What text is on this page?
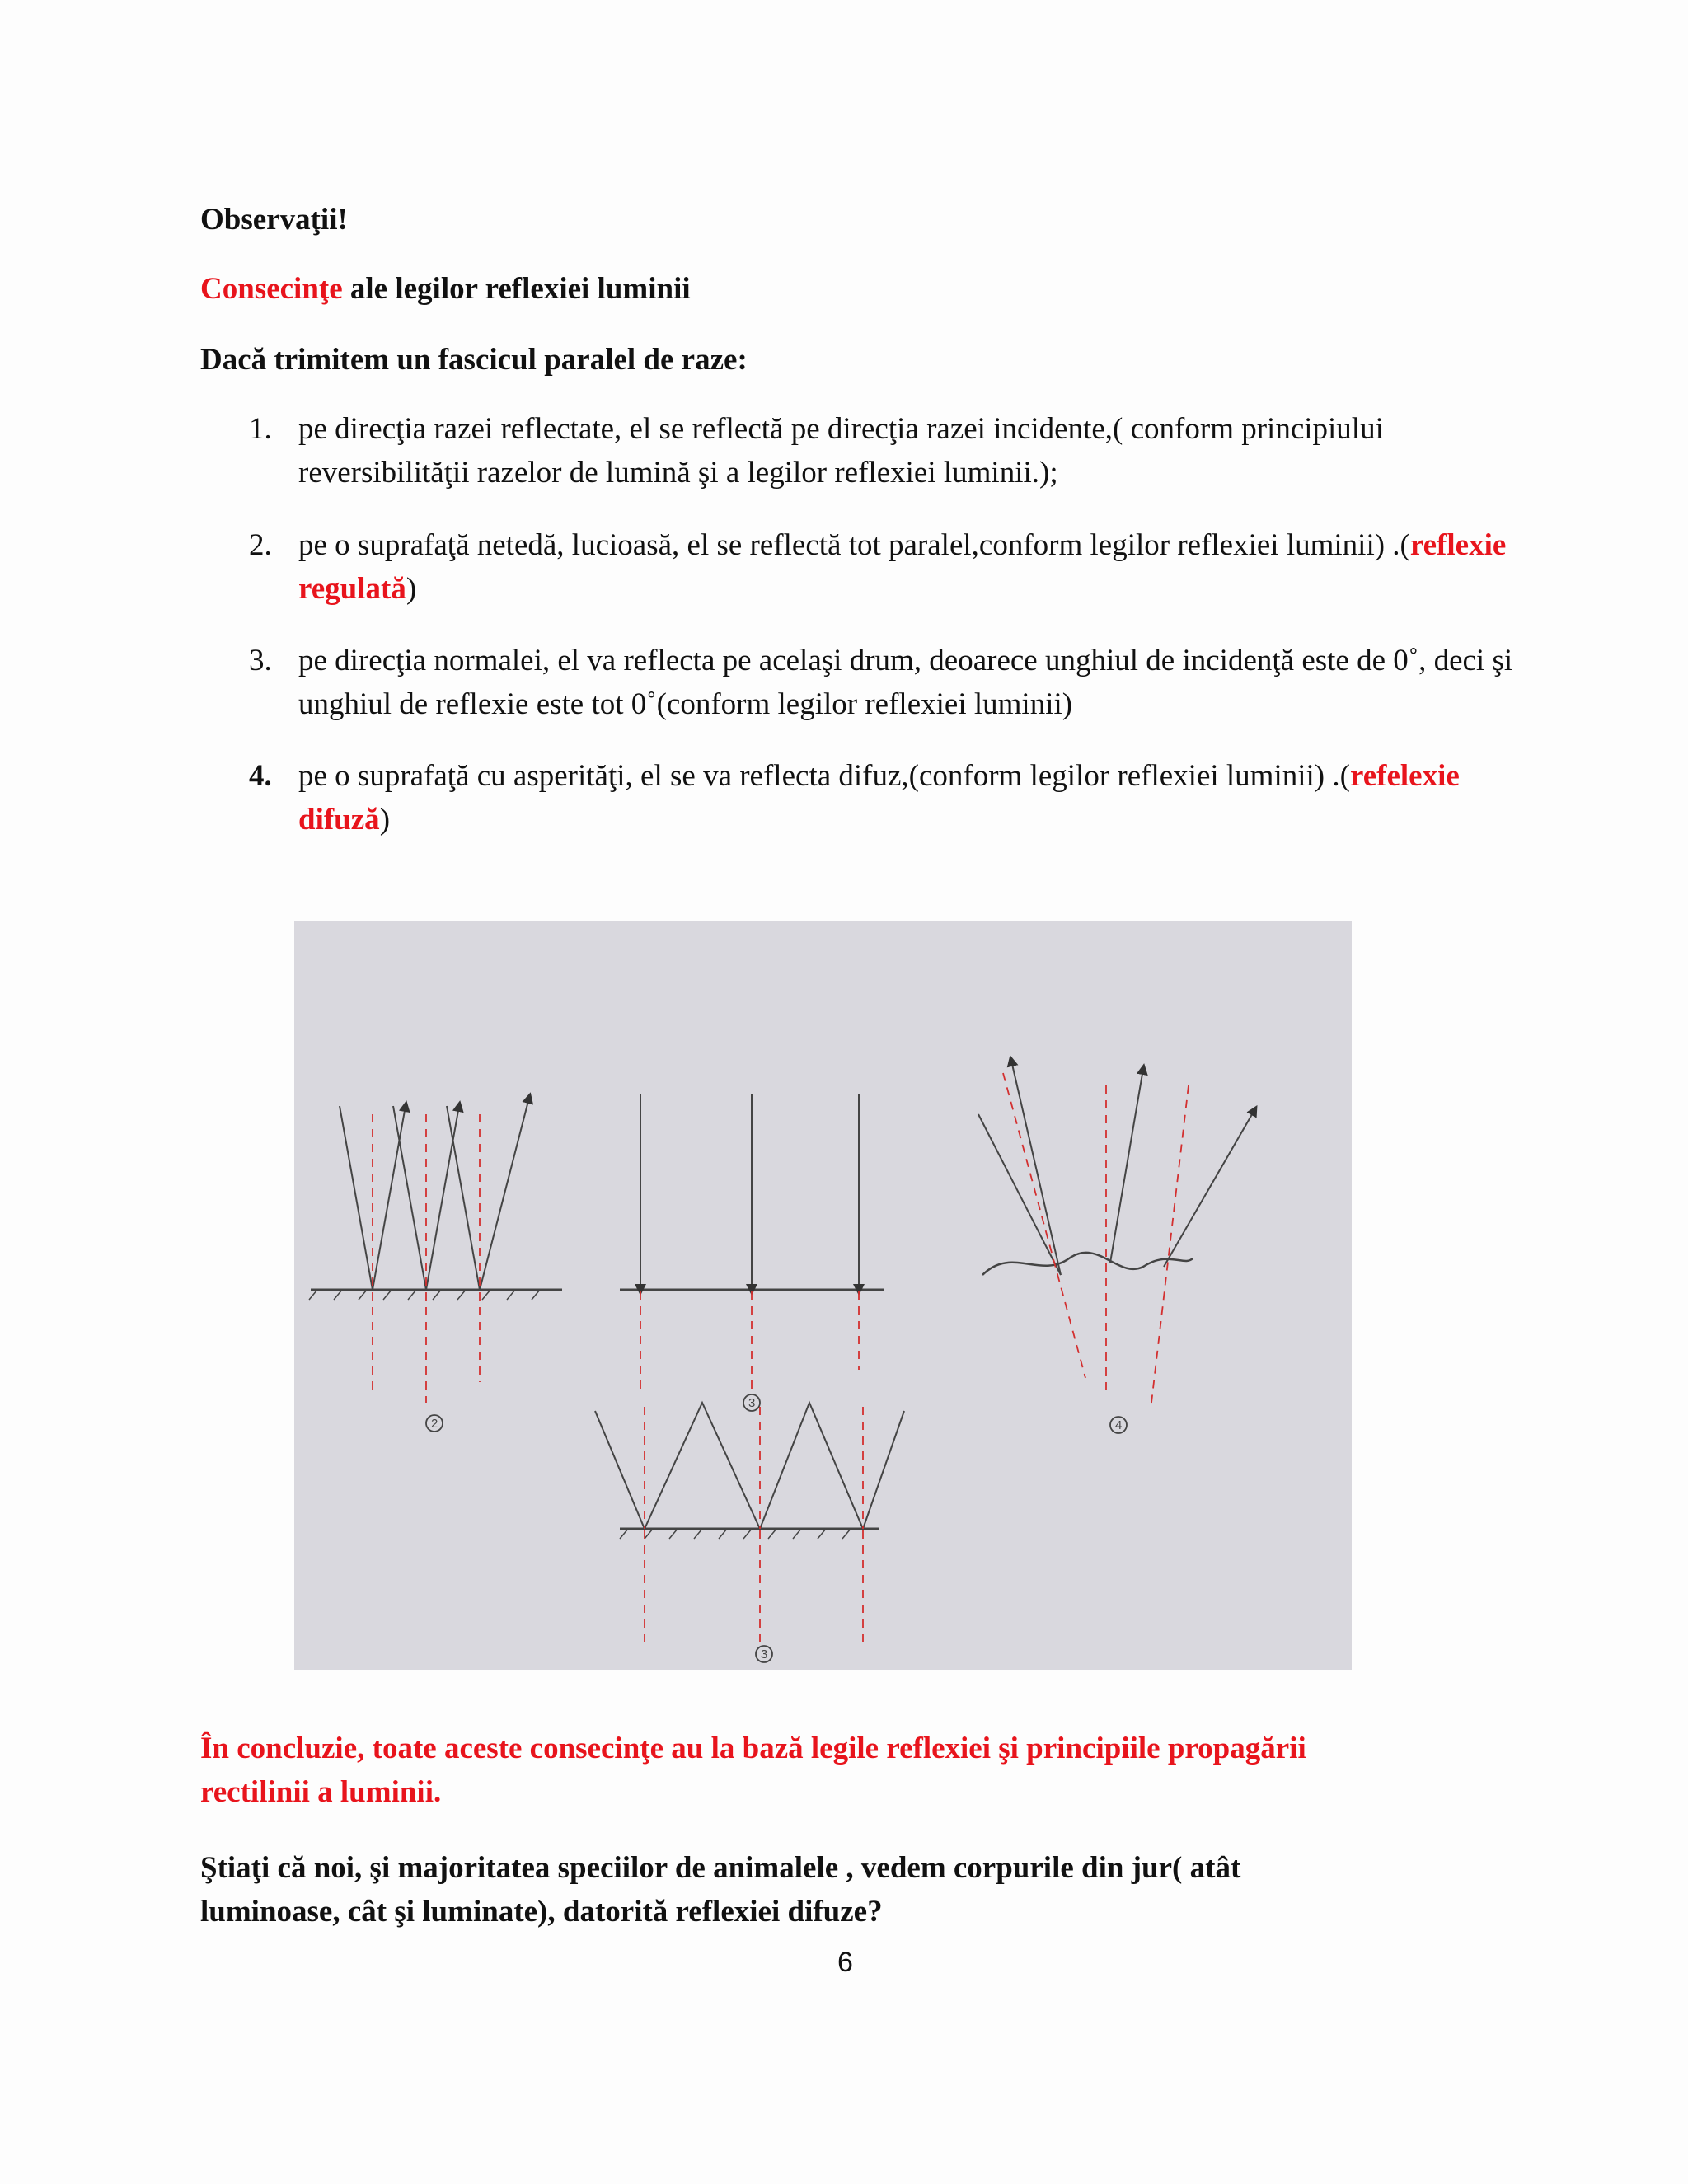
Observaţii!
Consecinţe ale legilor reflexiei luminii
Dacă trimitem un fascicul paralel de raze:
1. pe direcţia razei reflectate, el se reflectă pe direcţia razei incidente,( conform principiului reversibilităţii razelor de lumină şi a legilor reflexiei luminii.);
2. pe o suprafaţă netedă, lucioasă, el se reflectă tot paralel,conform legilor reflexiei luminii) .(reflexie regulată)
3. pe direcţia normalei, el va reflecta pe acelaşi drum, deoarece unghiul de incidenţă este de 0˚, deci şi unghiul de reflexie este tot 0˚(conform legilor reflexiei luminii)
4. pe o suprafaţă cu asperităţi, el se va reflecta difuz,(conform legilor reflexiei luminii) .(refelexie difuză)
2
3
4
3
În concluzie, toate aceste consecinţe au la bază legile reflexiei şi principiile propagării
rectilinii a luminii.
Ştiaţi că noi, şi majoritatea speciilor de animalele , vedem corpurile din jur( atât
luminoase, cât şi luminate), datorită reflexiei difuze?
6
